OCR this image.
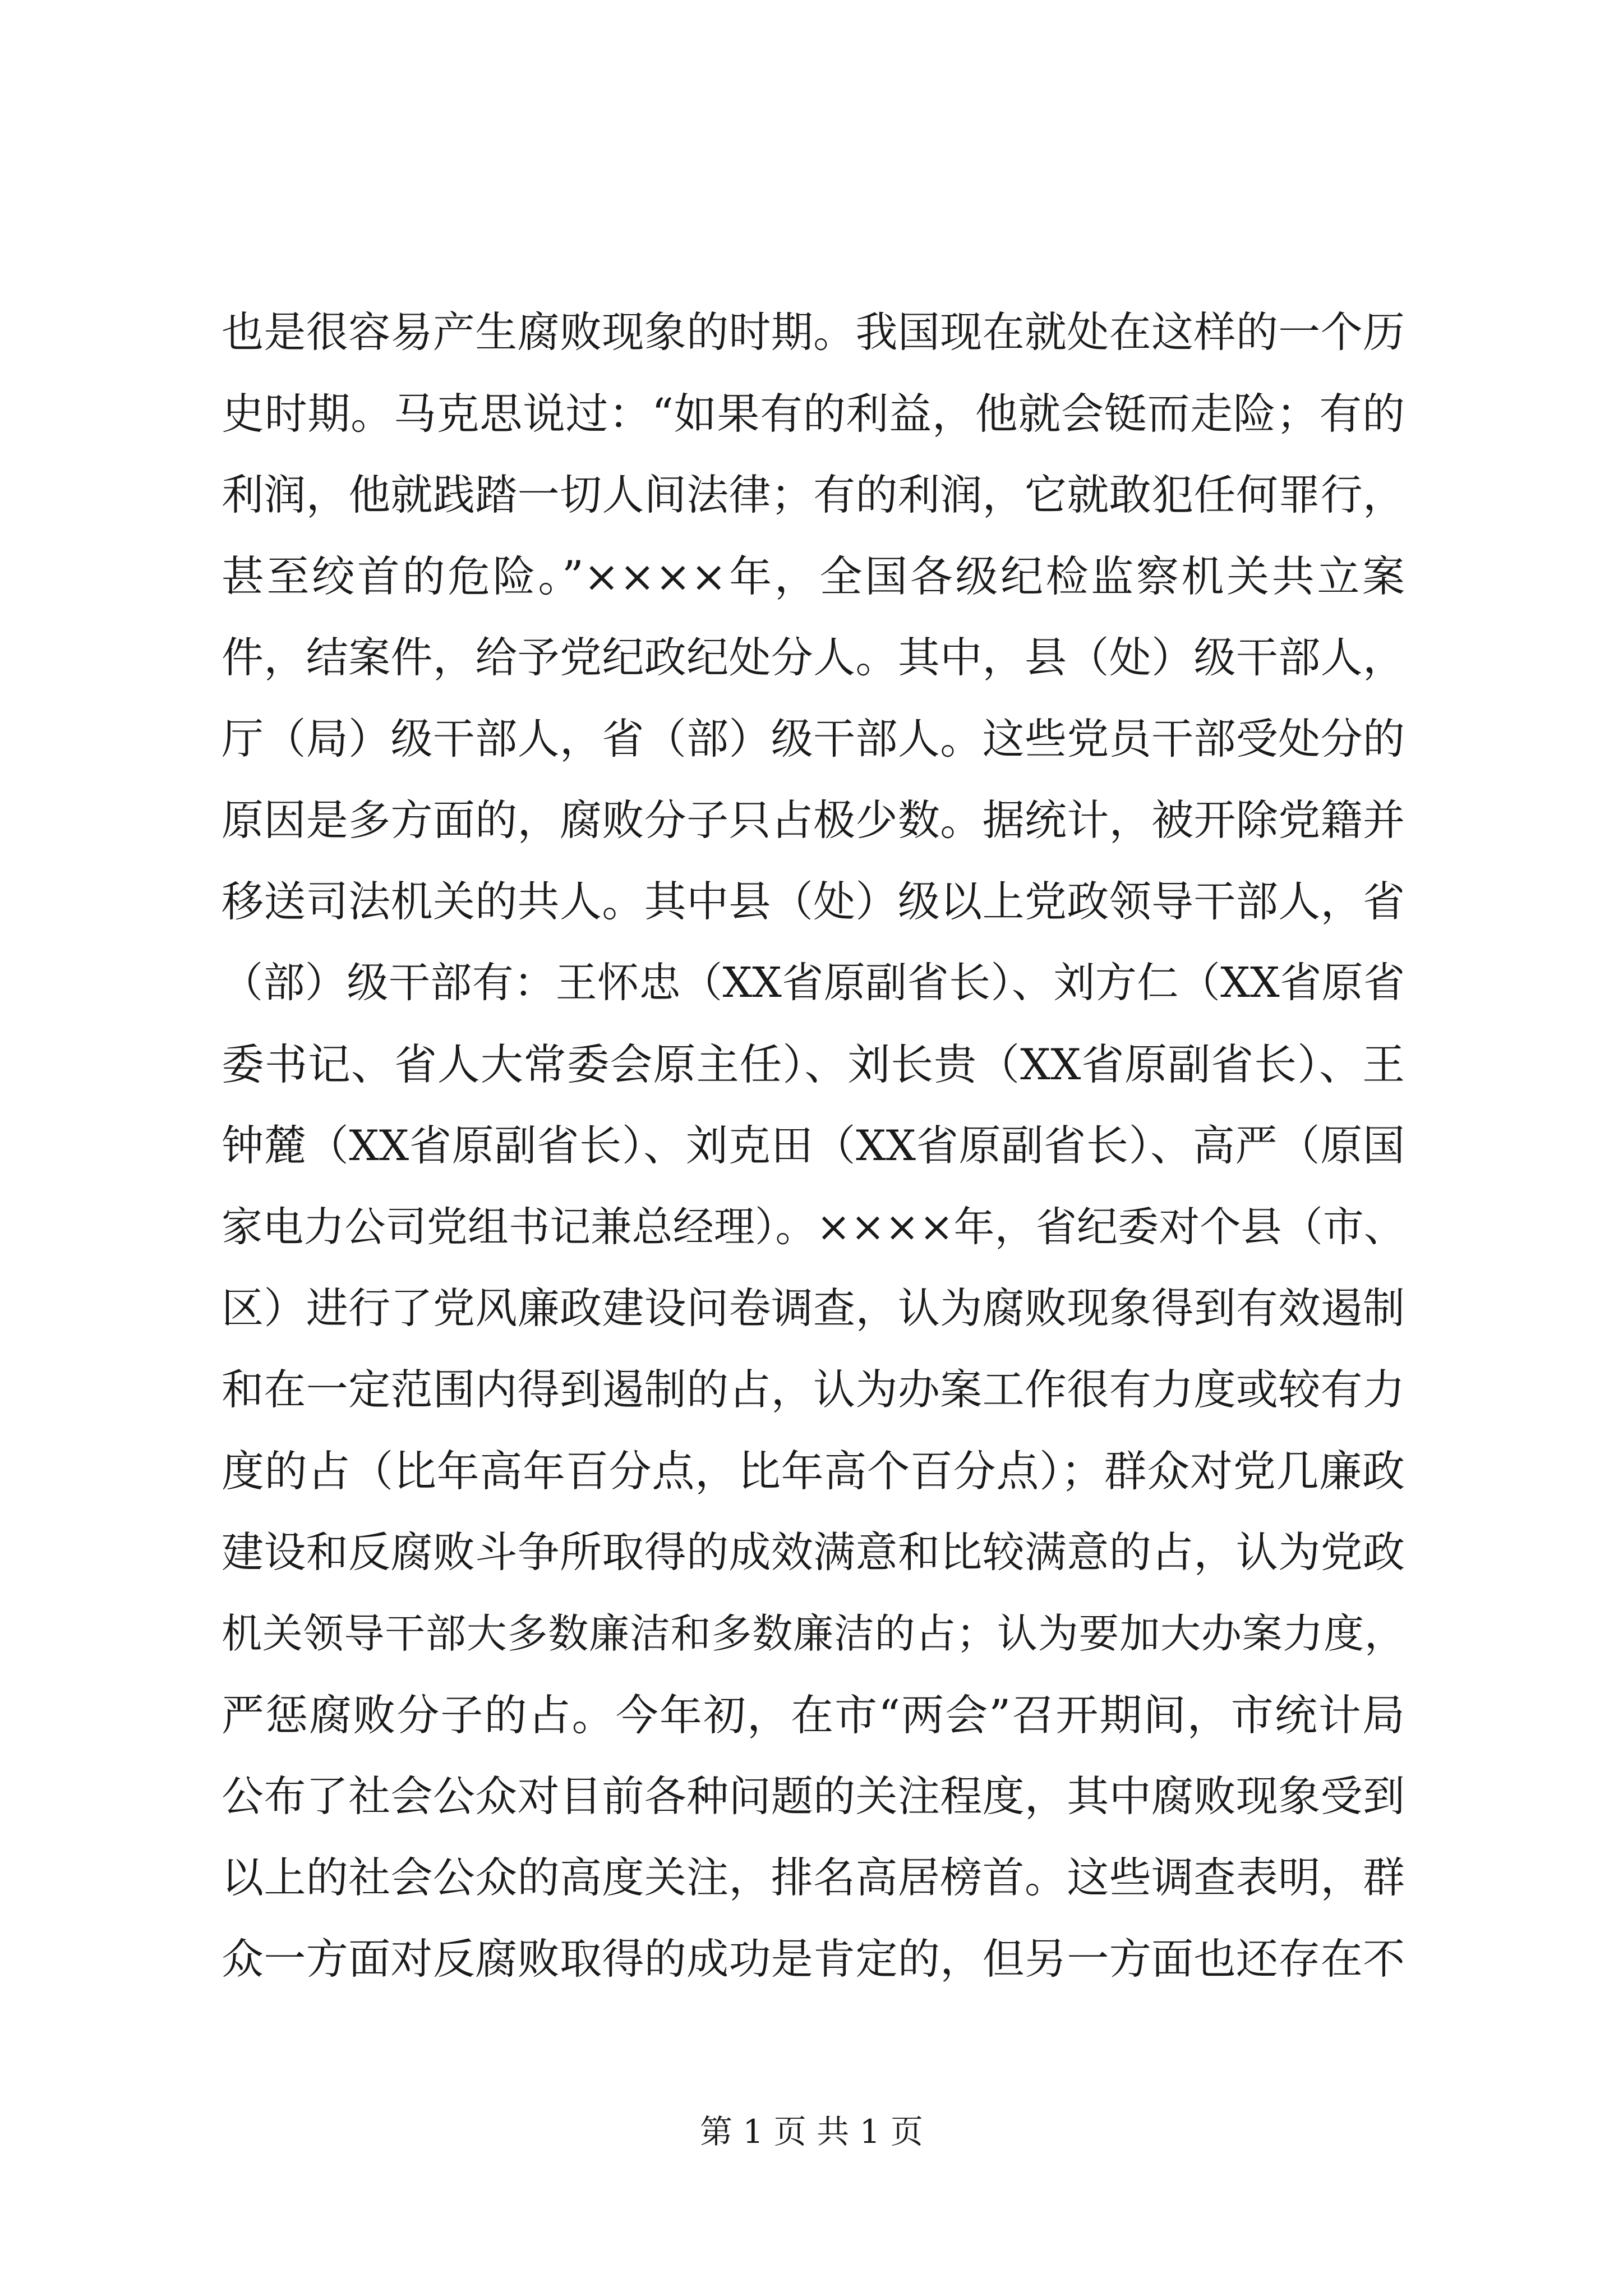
也是很容易产生腐败现象的时期。我国现在就处在这样的一个历
史时期。马克思说过：“如果有的利益，他就会铤而走险；有的
利润，他就践踏一切人间法律；有的利润，它就敢犯任何罪行，
甚至绞首的危险。”××××年，全国各级纪检监察机关共立案
件，结案件，给予党纪政纪处分人。其中，县（处）级干部人，
厅（局）级干部人，省（部）级干部人。这些党员干部受处分的
原因是多方面的，腐败分子只占极少数。据统计，被开除党籍并
移送司法机关的共人。其中县（处）级以上党政领导干部人，省
（部）级干部有：王怀忠（XX省原副省长）、刘方仁（XX省原省
委书记、省人大常委会原主任）、刘长贵（XX省原副省长）、王
钟麓（XX省原副省长）、刘克田（XX省原副省长）、高严（原国
家电力公司党组书记兼总经理）。××××年，省纪委对个县（市、
区）进行了党风廉政建设问卷调查，认为腐败现象得到有效遏制
和在一定范围内得到遏制的占，认为办案工作很有力度或较有力
度的占（比年高年百分点，比年高个百分点）；群众对党几廉政
建设和反腐败斗争所取得的成效满意和比较满意的占，认为党政
机关领导干部大多数廉洁和多数廉洁的占；认为要加大办案力度，
严惩腐败分子的占。今年初，在市“两会”召开期间，市统计局
公布了社会公众对目前各种问题的关注程度，其中腐败现象受到
以上的社会公众的高度关注，排名高居榜首。这些调查表明，群
众一方面对反腐败取得的成功是肯定的，但另一方面也还存在不
第 1 页 共 1 页
